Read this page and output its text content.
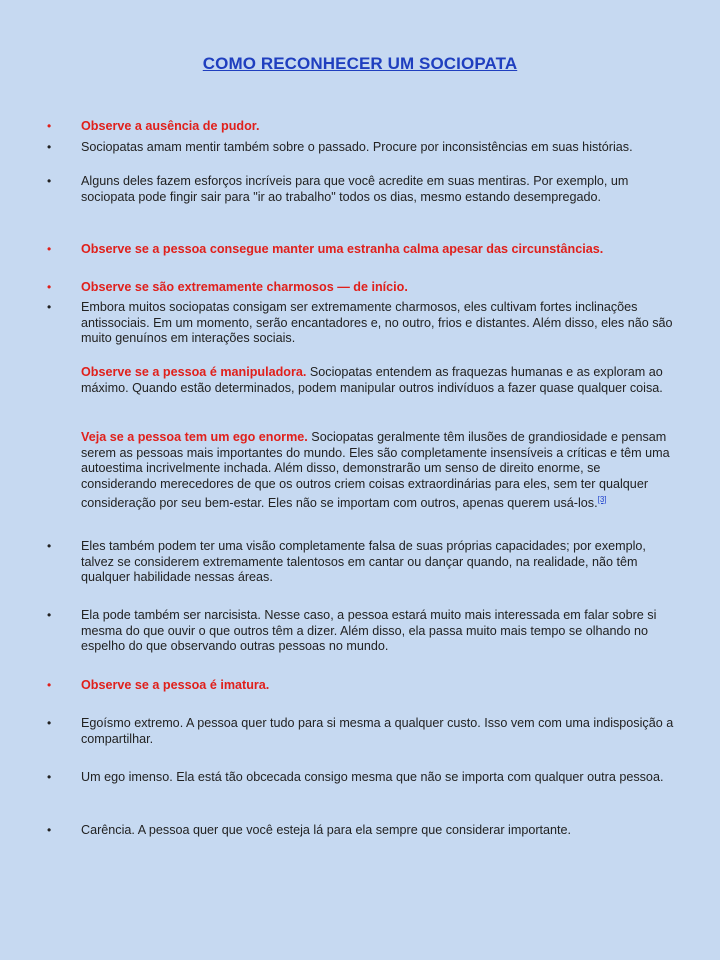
COMO RECONHECER UM SOCIOPATA
• Observe a ausência de pudor.
• Sociopatas amam mentir também sobre o passado. Procure por inconsistências em suas histórias.
• Alguns deles fazem esforços incríveis para que você acredite em suas mentiras. Por exemplo, um sociopata pode fingir sair para "ir ao trabalho" todos os dias, mesmo estando desempregado.
• Observe se a pessoa consegue manter uma estranha calma apesar das circunstâncias.
• Observe se são extremamente charmosos — de início.
• Embora muitos sociopatas consigam ser extremamente charmosos, eles cultivam fortes inclinações antissociais. Em um momento, serão encantadores e, no outro, frios e distantes. Além disso, eles não são muito genuínos em interações sociais.
Observe se a pessoa é manipuladora. Sociopatas entendem as fraquezas humanas e as exploram ao máximo. Quando estão determinados, podem manipular outros indivíduos a fazer quase qualquer coisa.
Veja se a pessoa tem um ego enorme. Sociopatas geralmente têm ilusões de grandiosidade e pensam serem as pessoas mais importantes do mundo. Eles são completamente insensíveis a críticas e têm uma autoestima incrivelmente inchada. Além disso, demonstrarão um senso de direito enorme, se considerando merecedores de que os outros criem coisas extraordinárias para eles, sem ter qualquer consideração por seu bem-estar. Eles não se importam com outros, apenas querem usá-los.[3]
• Eles também podem ter uma visão completamente falsa de suas próprias capacidades; por exemplo, talvez se considerem extremamente talentosos em cantar ou dançar quando, na realidade, não têm qualquer habilidade nessas áreas.
• Ela pode também ser narcisista. Nesse caso, a pessoa estará muito mais interessada em falar sobre si mesma do que ouvir o que outros têm a dizer. Além disso, ela passa muito mais tempo se olhando no espelho do que observando outras pessoas no mundo.
• Observe se a pessoa é imatura.
• Egoísmo extremo. A pessoa quer tudo para si mesma a qualquer custo. Isso vem com uma indisposição a compartilhar.
• Um ego imenso. Ela está tão obcecada consigo mesma que não se importa com qualquer outra pessoa.
• Carência. A pessoa quer que você esteja lá para ela sempre que considerar importante.
